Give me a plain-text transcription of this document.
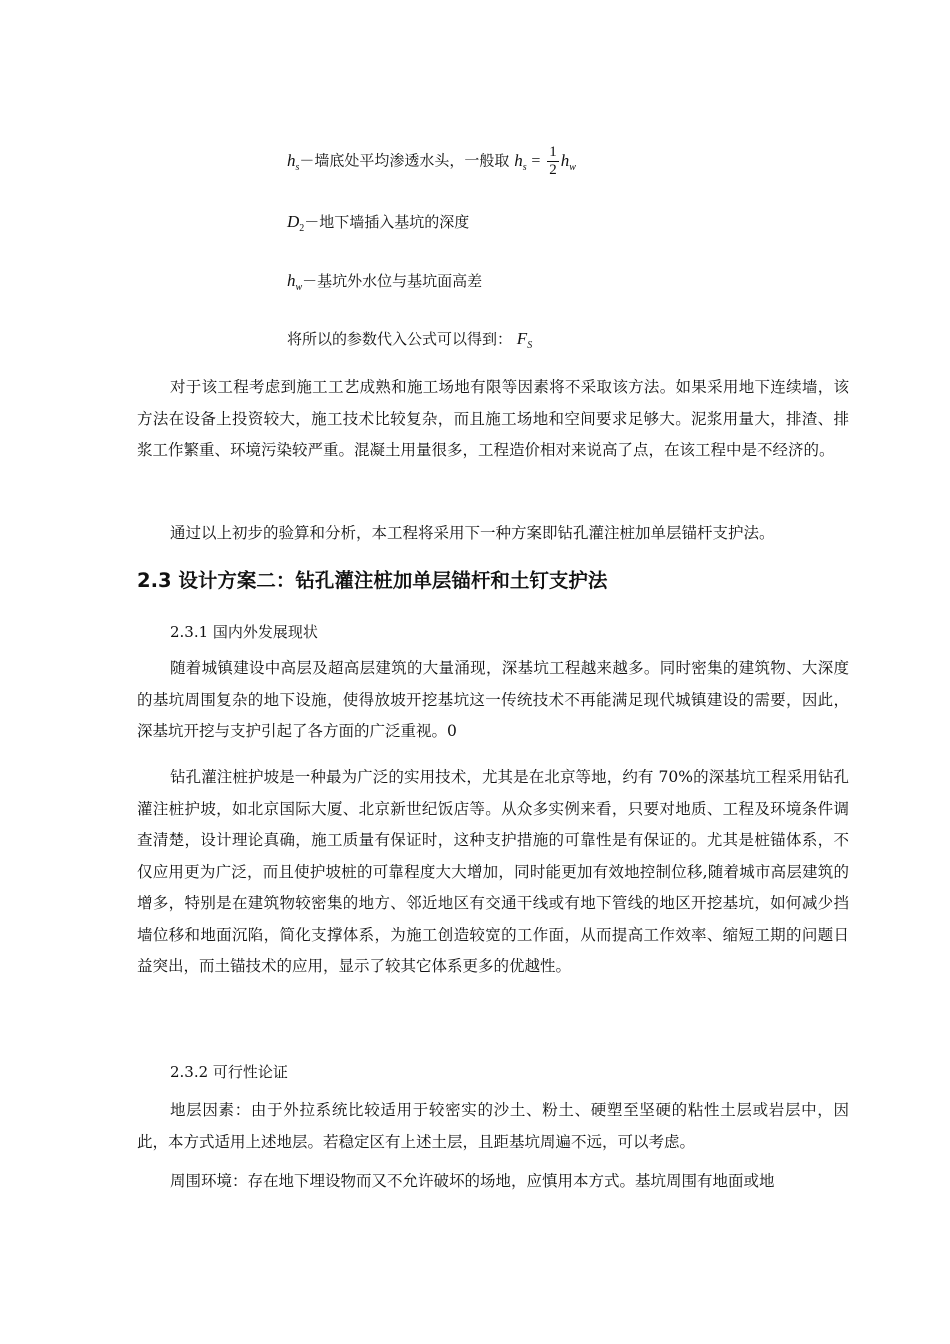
$h_s-$墙底处平均渗透水头，一般取 $h_s = \frac{1}{2} h_w$
$D_2-$地下墙插入基坑的深度
$h_w-$基坑外水位与基坑面高差
将所以的参数代入公式可以得到： $F_S$

对于该工程考虑到施工工艺成熟和施工场地有限等因素将不采取该方法。如果采用地下连续墙，该方法在设备上投资较大，施工技术比较复杂，而且施工场地和空间要求足够大。泥浆用量大，排渣、排浆工作繁重、环境污染较严重。混凝土用量很多，工程造价相对来说高了点，在该工程中是不经济的。

通过以上初步的验算和分析，本工程将采用下一种方案即钻孔灌注桩加单层锚杆支护法。

2.3 设计方案二：钻孔灌注桩加单层锚杆和土钉支护法

2.3.1 国内外发展现状

随着城镇建设中高层及超高层建筑的大量涌现，深基坑工程越来越多。同时密集的建筑物、大深度的基坑周围复杂的地下设施，使得放坡开挖基坑这一传统技术不再能满足现代城镇建设的需要，因此，深基坑开挖与支护引起了各方面的广泛重视。0

钻孔灌注桩护坡是一种最为广泛的实用技术，尤其是在北京等地，约有 70%的深基坑工程采用钻孔灌注桩护坡，如北京国际大厦、北京新世纪饭店等。从众多实例来看，只要对地质、工程及环境条件调查清楚，设计理论真确，施工质量有保证时，这种支护措施的可靠性是有保证的。尤其是桩锚体系，不仅应用更为广泛，而且使护坡桩的可靠程度大大增加，同时能更加有效地控制位移,随着城市高层建筑的增多，特别是在建筑物较密集的地方、邻近地区有交通干线或有地下管线的地区开挖基坑，如何减少挡墙位移和地面沉陷，简化支撑体系，为施工创造较宽的工作面，从而提高工作效率、缩短工期的问题日益突出，而土锚技术的应用，显示了较其它体系更多的优越性。

2.3.2 可行性论证

地层因素：由于外拉系统比较适用于较密实的沙土、粉土、硬塑至坚硬的粘性土层或岩层中，因此，本方式适用上述地层。若稳定区有上述土层，且距基坑周遍不远，可以考虑。

周围环境：存在地下埋设物而又不允许破坏的场地，应慎用本方式。基坑周围有地面或地
